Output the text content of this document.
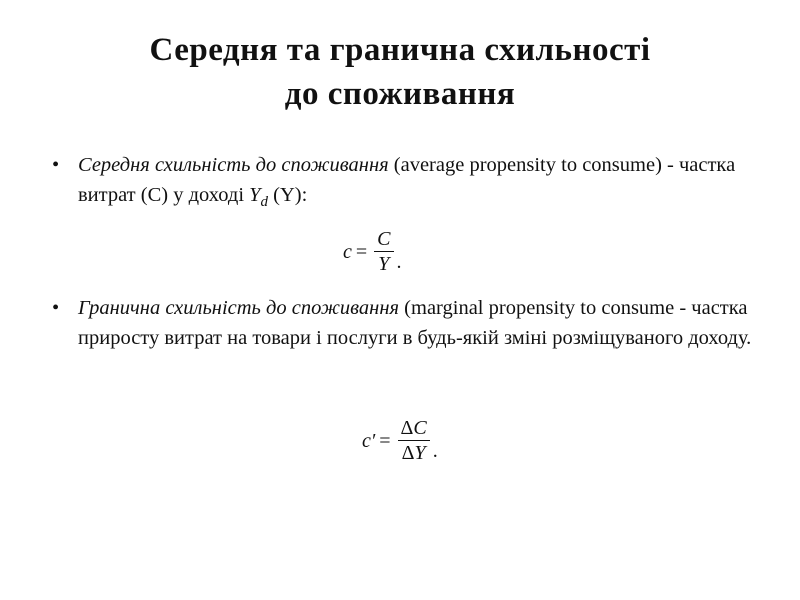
Середня та гранична схильності
до споживання
• Середня схильність до споживання (average propensity to consume) - частка витрат (C) у доході $Y_d$ (Y):
$c = \frac{C}{Y}$ .
• Гранична схильність до споживання (marginal propensity to consume - частка приросту витрат на товари і послуги в будь-якій зміні розміщуваного доходу.
$c' = \frac{\Delta C}{\Delta Y}$ .
